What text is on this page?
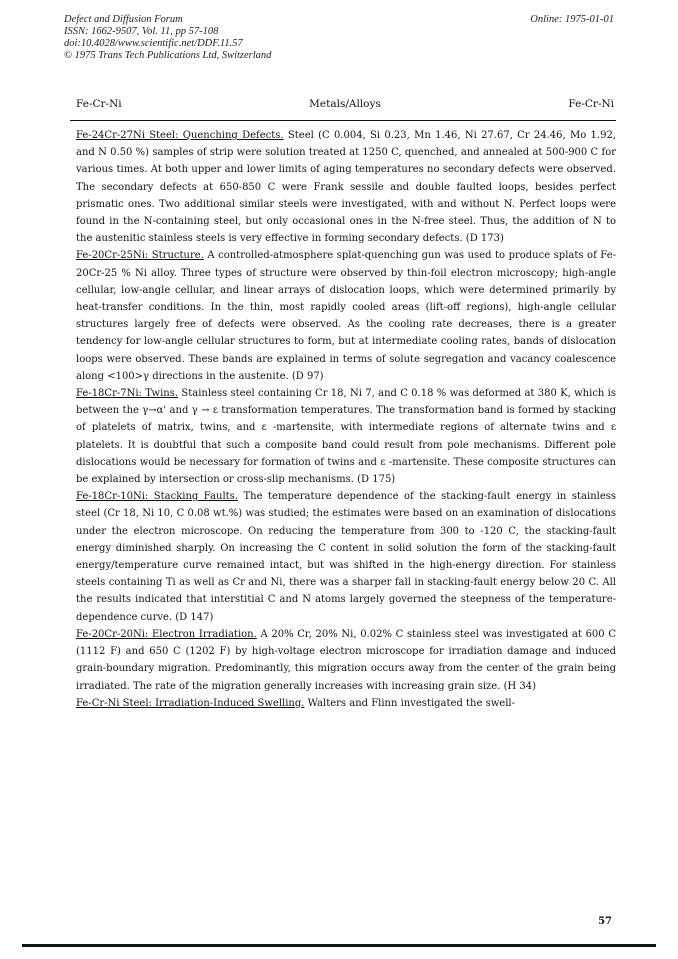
Defect and Diffusion Forum
ISSN: 1662-9507, Vol. 11, pp 57-108
doi:10.4028/www.scientific.net/DDF.11.57
© 1975 Trans Tech Publications Ltd, Switzerland
Online: 1975-01-01
Fe-Cr-Ni	Metals/Alloys	Fe-Cr-Ni

Fe-24Cr-27Ni Steel: Quenching Defects. Steel (C 0.004, Si 0.23, Mn 1.46, Ni 27.67, Cr 24.46, Mo 1.92, and N 0.50 %) samples of strip were solution treated at 1250 C, quenched, and annealed at 500-900 C for various times. At both upper and lower limits of aging temperatures no secondary defects were observed. The secondary defects at 650-850 C were Frank sessile and double faulted loops, besides perfect prismatic ones. Two additional similar steels were investigated, with and without N. Perfect loops were found in the N-containing steel, but only occasional ones in the N-free steel. Thus, the addition of N to the austenitic stainless steels is very effective in forming secondary defects. (D 173)

Fe-20Cr-25Ni: Structure. A controlled-atmosphere splat-quenching gun was used to produce splats of Fe-20Cr-25 % Ni alloy. Three types of structure were observed by thin-foil electron microscopy; high-angle cellular, low-angle cellular, and linear arrays of dislocation loops, which were determined primarily by heat-transfer conditions. In the thin, most rapidly cooled areas (lift-off regions), high-angle cellular structures largely free of defects were observed. As the cooling rate decreases, there is a greater tendency for low-angle cellular structures to form, but at intermediate cooling rates, bands of dislocation loops were observed. These bands are explained in terms of solute segregation and vacancy coalescence along <100>γ directions in the austenite. (D 97)

Fe-18Cr-7Ni: Twins. Stainless steel containing Cr 18, Ni 7, and C 0.18 % was deformed at 380 K, which is between the γ→α' and γ → ε transformation temperatures. The transformation band is formed by stacking of platelets of matrix, twins, and ε -martensite, with intermediate regions of alternate twins and ε platelets. It is doubtful that such a composite band could result from pole mechanisms. Different pole dislocations would be necessary for formation of twins and ε -martensite. These composite structures can be explained by intersection or cross-slip mechanisms. (D 175)

Fe-18Cr-10Ni: Stacking Faults. The temperature dependence of the stacking-fault energy in stainless steel (Cr 18, Ni 10, C 0.08 wt.%) was studied; the estimates were based on an examination of dislocations under the electron microscope. On reducing the temperature from 300 to -120 C, the stacking-fault energy diminished sharply. On increasing the C content in solid solution the form of the stacking-fault energy/temperature curve remained intact, but was shifted in the high-energy direction. For stainless steels containing Ti as well as Cr and Ni, there was a sharper fall in stacking-fault energy below 20 C. All the results indicated that interstitial C and N atoms largely governed the steepness of the temperature-dependence curve. (D 147)

Fe-20Cr-20Ni: Electron Irradiation. A 20% Cr, 20% Ni, 0.02% C stainless steel was investigated at 600 C (1112 F) and 650 C (1202 F) by high-voltage electron microscope for irradiation damage and induced grain-boundary migration. Predominantly, this migration occurs away from the center of the grain being irradiated. The rate of the migration generally increases with increasing grain size. (H 34)

Fe-Cr-Ni Steel: Irradiation-Induced Swelling. Walters and Flinn investigated the swell-

57
